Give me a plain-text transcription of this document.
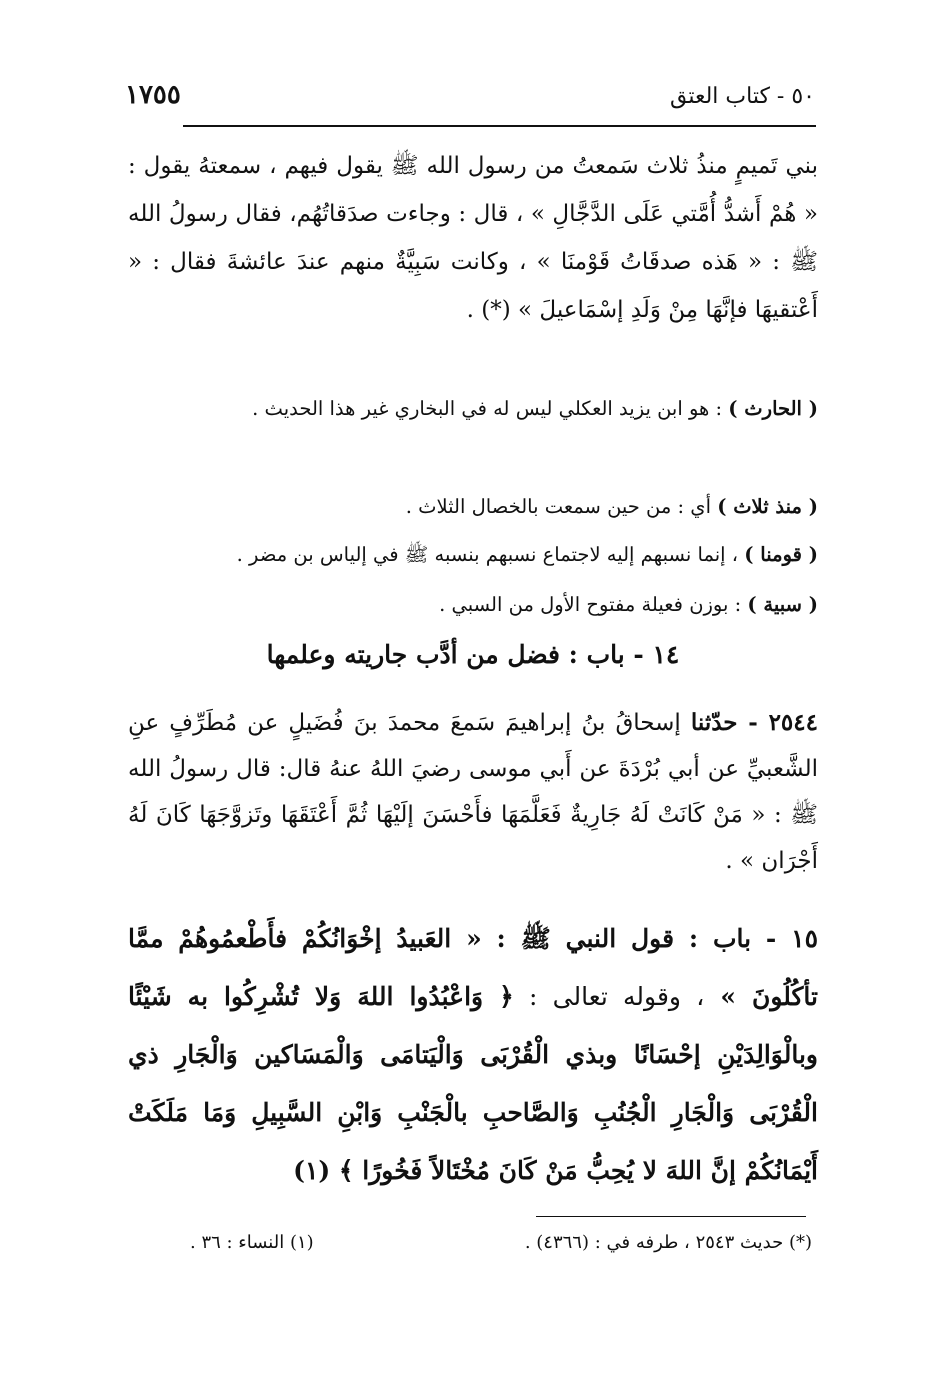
٥٠ - كتاب العتق
١٧٥٥
بني تَميمٍ منذُ ثلاث سَمعتُ من رسول الله ﷺ يقول فيهم ، سمعتهُ يقول : « هُمْ أَشدُّ أُمَّتي عَلَى الدَّجَّالِ » ، قال : وجاءت صدَقاتُهُم، فقال رسولُ الله ﷺ : « هَذه صدقَاتُ قَوْمنَا » ، وكانت سَبِيَّةٌ منهم عندَ عائشةَ فقال : « أَعْتقيهَا فإنَّهَا مِنْ وَلَدِ إسْمَاعيلَ » (*) .
( الحارث ) : هو ابن يزيد العكلي ليس له في البخاري غير هذا الحديث .
( منذ ثلاث ) أي : من حين سمعت بالخصال الثلاث .
( قومنا ) ، إنما نسبهم إليه لاجتماع نسبهم بنسبه ﷺ في إلياس بن مضر .
( سبية ) : بوزن فعيلة مفتوح الأول من السبي .
١٤ - باب : فضل من أدَّب جاريته وعلمها
٢٥٤٤ - حدّثنا إسحاقُ بنُ إبراهيمَ سَمعَ محمدَ بنَ فُضَيلٍ عن مُطَرِّفٍ عنِ الشَّعبيِّ عن أبي بُرْدَةَ عن أَبي موسى رضيَ اللهُ عنهُ قال: قال رسولُ الله ﷺ : « مَنْ كَانَتْ لَهُ جَارِيةٌ فَعَلَّمَهَا فأَحْسَنَ إلَيْهَا ثُمَّ أَعْتَقَهَا وتَزوَّجَهَا كَانَ لَهُ أَجْرَان » .
١٥ - باب : قول النبي ﷺ : « العَبيدُ إخْوَانُكُمْ فأَطْعمُوهُمْ ممَّا تأكُلُونَ » ، وقوله تعالى : ﴿ وَاعْبُدُوا اللهَ وَلا تُشْرِكُوا به شَيْئًا وبالْوَالِدَيْنِ إحْسَانًا وبذي الْقُرْبَى وَالْيَتامَى وَالْمَسَاكين وَالْجَارِ ذي الْقُرْبَى وَالْجَارِ الْجُنُبِ وَالصَّاحبِ بالْجَنْبِ وَابْنِ السَّبِيلِ وَمَا مَلَكَتْ أَيْمَانُكُمْ إنَّ اللهَ لا يُحِبُّ مَنْ كَانَ مُخْتَالاً فَخُورًا ﴾ (١)
(*) حديث ٢٥٤٣ ، طرفه في : (٤٣٦٦) .
(١) النساء : ٣٦ .
